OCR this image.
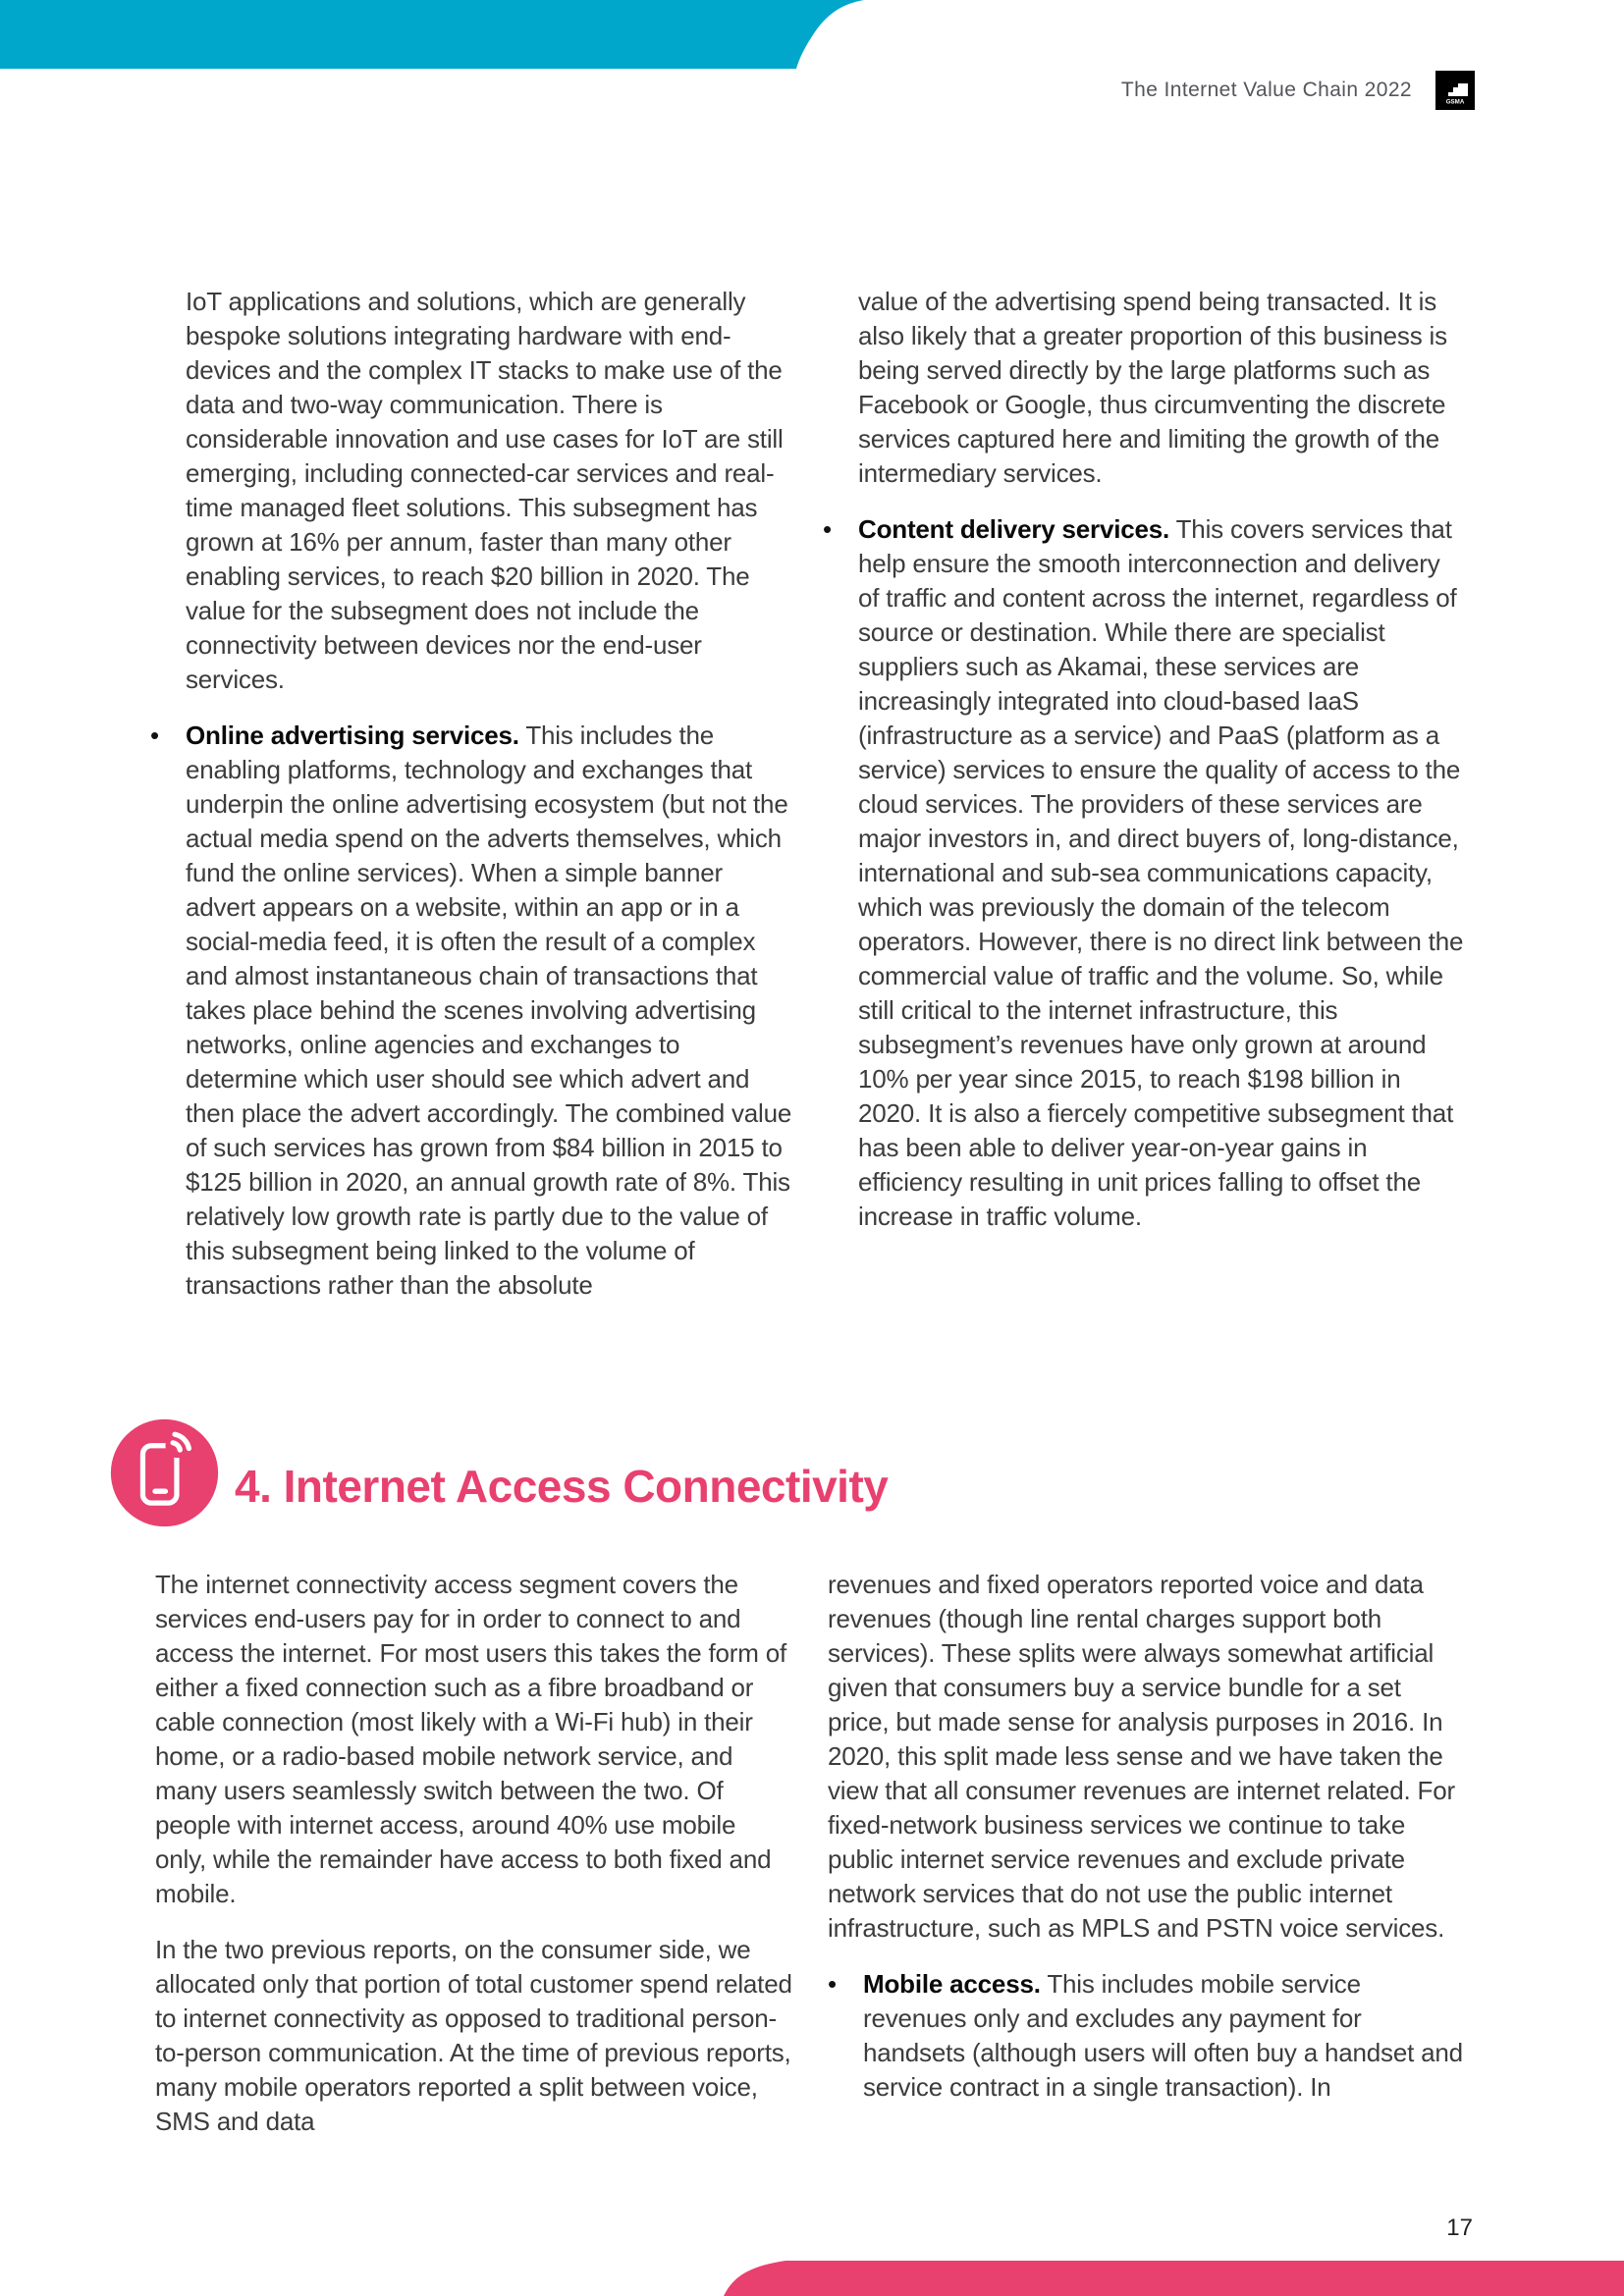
The Internet Value Chain 2022
GSMA

IoT applications and solutions, which are generally bespoke solutions integrating hardware with end-devices and the complex IT stacks to make use of the data and two-way communication. There is considerable innovation and use cases for IoT are still emerging, including connected-car services and real-time managed fleet solutions. This subsegment has grown at 16% per annum, faster than many other enabling services, to reach $20 billion in 2020. The value for the subsegment does not include the connectivity between devices nor the end-user services.

•	Online advertising services. This includes the enabling platforms, technology and exchanges that underpin the online advertising ecosystem (but not the actual media spend on the adverts themselves, which fund the online services). When a simple banner advert appears on a website, within an app or in a social-media feed, it is often the result of a complex and almost instantaneous chain of transactions that takes place behind the scenes involving advertising networks, online agencies and exchanges to determine which user should see which advert and then place the advert accordingly. The combined value of such services has grown from $84 billion in 2015 to $125 billion in 2020, an annual growth rate of 8%. This relatively low growth rate is partly due to the value of this subsegment being linked to the volume of transactions rather than the absolute

value of the advertising spend being transacted. It is also likely that a greater proportion of this business is being served directly by the large platforms such as Facebook or Google, thus circumventing the discrete services captured here and limiting the growth of the intermediary services.

•	Content delivery services. This covers services that help ensure the smooth interconnection and delivery of traffic and content across the internet, regardless of source or destination. While there are specialist suppliers such as Akamai, these services are increasingly integrated into cloud-based IaaS (infrastructure as a service) and PaaS (platform as a service) services to ensure the quality of access to the cloud services. The providers of these services are major investors in, and direct buyers of, long-distance, international and sub-sea communications capacity, which was previously the domain of the telecom operators. However, there is no direct link between the commercial value of traffic and the volume. So, while still critical to the internet infrastructure, this subsegment’s revenues have only grown at around 10% per year since 2015, to reach $198 billion in 2020. It is also a fiercely competitive subsegment that has been able to deliver year-on-year gains in efficiency resulting in unit prices falling to offset the increase in traffic volume.

4. Internet Access Connectivity

The internet connectivity access segment covers the services end-users pay for in order to connect to and access the internet. For most users this takes the form of either a fixed connection such as a fibre broadband or cable connection (most likely with a Wi-Fi hub) in their home, or a radio-based mobile network service, and many users seamlessly switch between the two. Of people with internet access, around 40% use mobile only, while the remainder have access to both fixed and mobile.

In the two previous reports, on the consumer side, we allocated only that portion of total customer spend related to internet connectivity as opposed to traditional person-to-person communication. At the time of previous reports, many mobile operators reported a split between voice, SMS and data

revenues and fixed operators reported voice and data revenues (though line rental charges support both services). These splits were always somewhat artificial given that consumers buy a service bundle for a set price, but made sense for analysis purposes in 2016. In 2020, this split made less sense and we have taken the view that all consumer revenues are internet related. For fixed-network business services we continue to take public internet service revenues and exclude private network services that do not use the public internet infrastructure, such as MPLS and PSTN voice services.

•	Mobile access. This includes mobile service revenues only and excludes any payment for handsets (although users will often buy a handset and service contract in a single transaction). In

17
